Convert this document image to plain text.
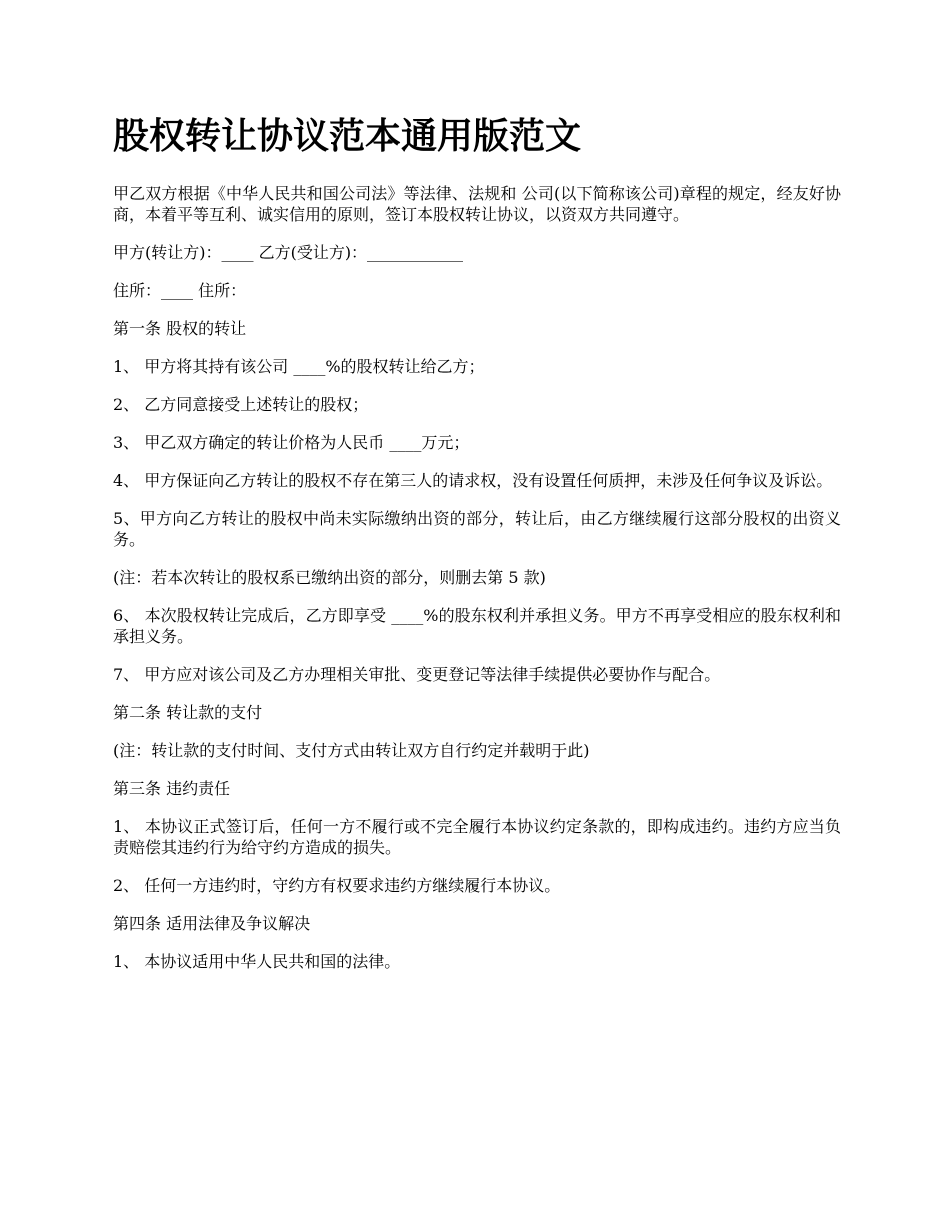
股权转让协议范本通用版范文

甲乙双方根据《中华人民共和国公司法》等法律、法规和 公司(以下简称该公司)章程的规定，经友好协商，本着平等互利、诚实信用的原则，签订本股权转让协议，以资双方共同遵守。

甲方(转让方)：____ 乙方(受让方)：____________

住所：____ 住所：

第一条 股权的转让

1、 甲方将其持有该公司 ____%的股权转让给乙方；

2、 乙方同意接受上述转让的股权；

3、 甲乙双方确定的转让价格为人民币 ____万元；

4、 甲方保证向乙方转让的股权不存在第三人的请求权，没有设置任何质押，未涉及任何争议及诉讼。

5、甲方向乙方转让的股权中尚未实际缴纳出资的部分，转让后，由乙方继续履行这部分股权的出资义务。

(注：若本次转让的股权系已缴纳出资的部分，则删去第 5 款)

6、 本次股权转让完成后，乙方即享受 ____%的股东权利并承担义务。甲方不再享受相应的股东权利和承担义务。

7、 甲方应对该公司及乙方办理相关审批、变更登记等法律手续提供必要协作与配合。

第二条 转让款的支付

(注：转让款的支付时间、支付方式由转让双方自行约定并载明于此)

第三条 违约责任

1、 本协议正式签订后，任何一方不履行或不完全履行本协议约定条款的，即构成违约。违约方应当负责赔偿其违约行为给守约方造成的损失。

2、 任何一方违约时，守约方有权要求违约方继续履行本协议。

第四条 适用法律及争议解决

1、 本协议适用中华人民共和国的法律。
